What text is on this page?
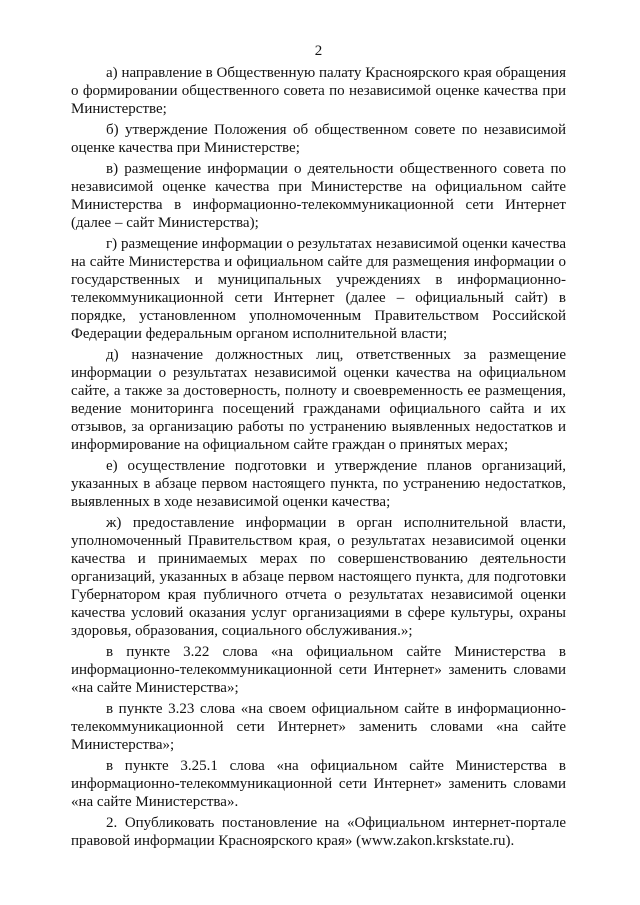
2

а) направление в Общественную палату Красноярского края обращения о формировании общественного совета по независимой оценке качества при Министерстве;

б) утверждение Положения об общественном совете по независимой оценке качества при Министерстве;

в) размещение информации о деятельности общественного совета по независимой оценке качества при Министерстве на официальном сайте Министерства в информационно-телекоммуникационной сети Интернет (далее – сайт Министерства);

г) размещение информации о результатах независимой оценки качества на сайте Министерства и официальном сайте для размещения информации о государственных и муниципальных учреждениях в информационно-телекоммуникационной сети Интернет (далее – официальный сайт) в порядке, установленном уполномоченным Правительством Российской Федерации федеральным органом исполнительной власти;

д) назначение должностных лиц, ответственных за размещение информации о результатах независимой оценки качества на официальном сайте, а также за достоверность, полноту и своевременность ее размещения, ведение мониторинга посещений гражданами официального сайта и их отзывов, за организацию работы по устранению выявленных недостатков и информирование на официальном сайте граждан о принятых мерах;

е) осуществление подготовки и утверждение планов организаций, указанных в абзаце первом настоящего пункта, по устранению недостатков, выявленных в ходе независимой оценки качества;

ж) предоставление информации в орган исполнительной власти, уполномоченный Правительством края, о результатах независимой оценки качества и принимаемых мерах по совершенствованию деятельности организаций, указанных в абзаце первом настоящего пункта, для подготовки Губернатором края публичного отчета о результатах независимой оценки качества условий оказания услуг организациями в сфере культуры, охраны здоровья, образования, социального обслуживания.»;

в пункте 3.22 слова «на официальном сайте Министерства в информационно-телекоммуникационной сети Интернет» заменить словами «на сайте Министерства»;

в пункте 3.23 слова «на своем официальном сайте в информационно-телекоммуникационной сети Интернет» заменить словами «на сайте Министерства»;

в пункте 3.25.1 слова «на официальном сайте Министерства в информационно-телекоммуникационной сети Интернет» заменить словами «на сайте Министерства».

2. Опубликовать постановление на «Официальном интернет-портале правовой информации Красноярского края» (www.zakon.krskstate.ru).
